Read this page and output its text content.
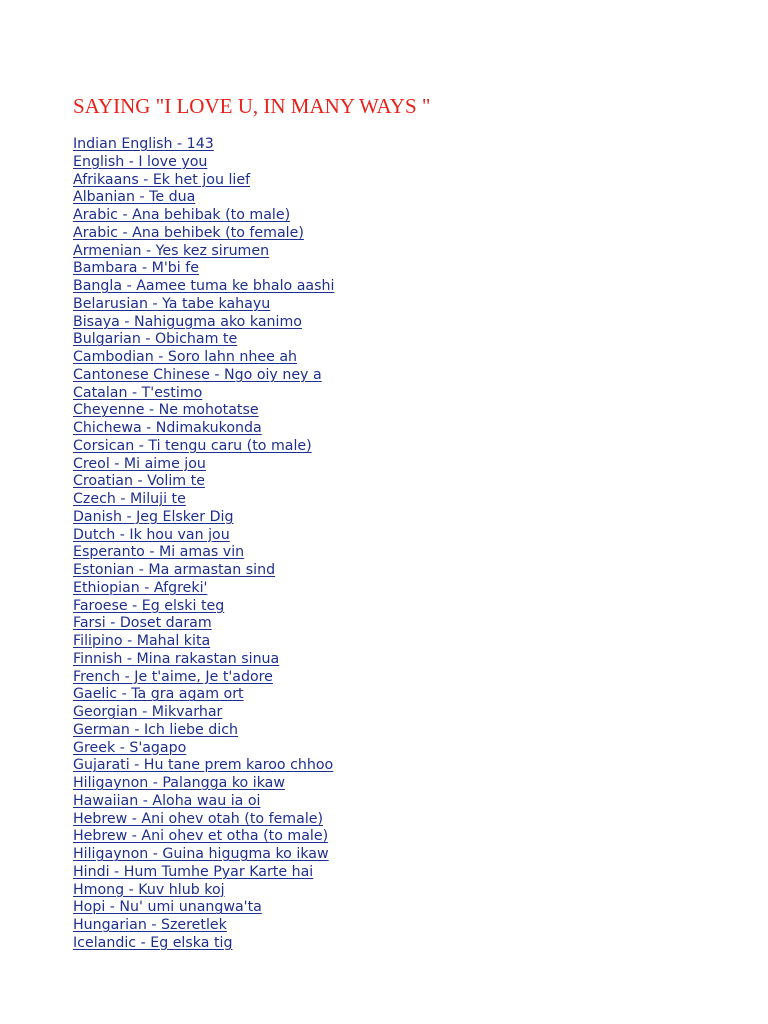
SAYING "I LOVE U, IN MANY WAYS "
Indian English - 143
English - I love you
Afrikaans - Ek het jou lief
Albanian - Te dua
Arabic - Ana behibak (to male)
Arabic - Ana behibek (to female)
Armenian - Yes kez sirumen
Bambara - M'bi fe
Bangla - Aamee tuma ke bhalo aashi
Belarusian - Ya tabe kahayu
Bisaya - Nahigugma ako kanimo
Bulgarian - Obicham te
Cambodian - Soro lahn nhee ah
Cantonese Chinese - Ngo oiy ney a
Catalan - T'estimo
Cheyenne - Ne mohotatse
Chichewa - Ndimakukonda
Corsican - Ti tengu caru (to male)
Creol - Mi aime jou
Croatian - Volim te
Czech - Miluji te
Danish - Jeg Elsker Dig
Dutch - Ik hou van jou
Esperanto - Mi amas vin
Estonian - Ma armastan sind
Ethiopian - Afgreki'
Faroese - Eg elski teg
Farsi - Doset daram
Filipino - Mahal kita
Finnish - Mina rakastan sinua
French - Je t'aime, Je t'adore
Gaelic - Ta gra agam ort
Georgian - Mikvarhar
German - Ich liebe dich
Greek - S'agapo
Gujarati - Hu tane prem karoo chhoo
Hiligaynon - Palangga ko ikaw
Hawaiian - Aloha wau ia oi
Hebrew - Ani ohev otah (to female)
Hebrew - Ani ohev et otha (to male)
Hiligaynon - Guina higugma ko ikaw
Hindi - Hum Tumhe Pyar Karte hai
Hmong - Kuv hlub koj
Hopi - Nu' umi unangwa'ta
Hungarian - Szeretlek
Icelandic - Eg elska tig
